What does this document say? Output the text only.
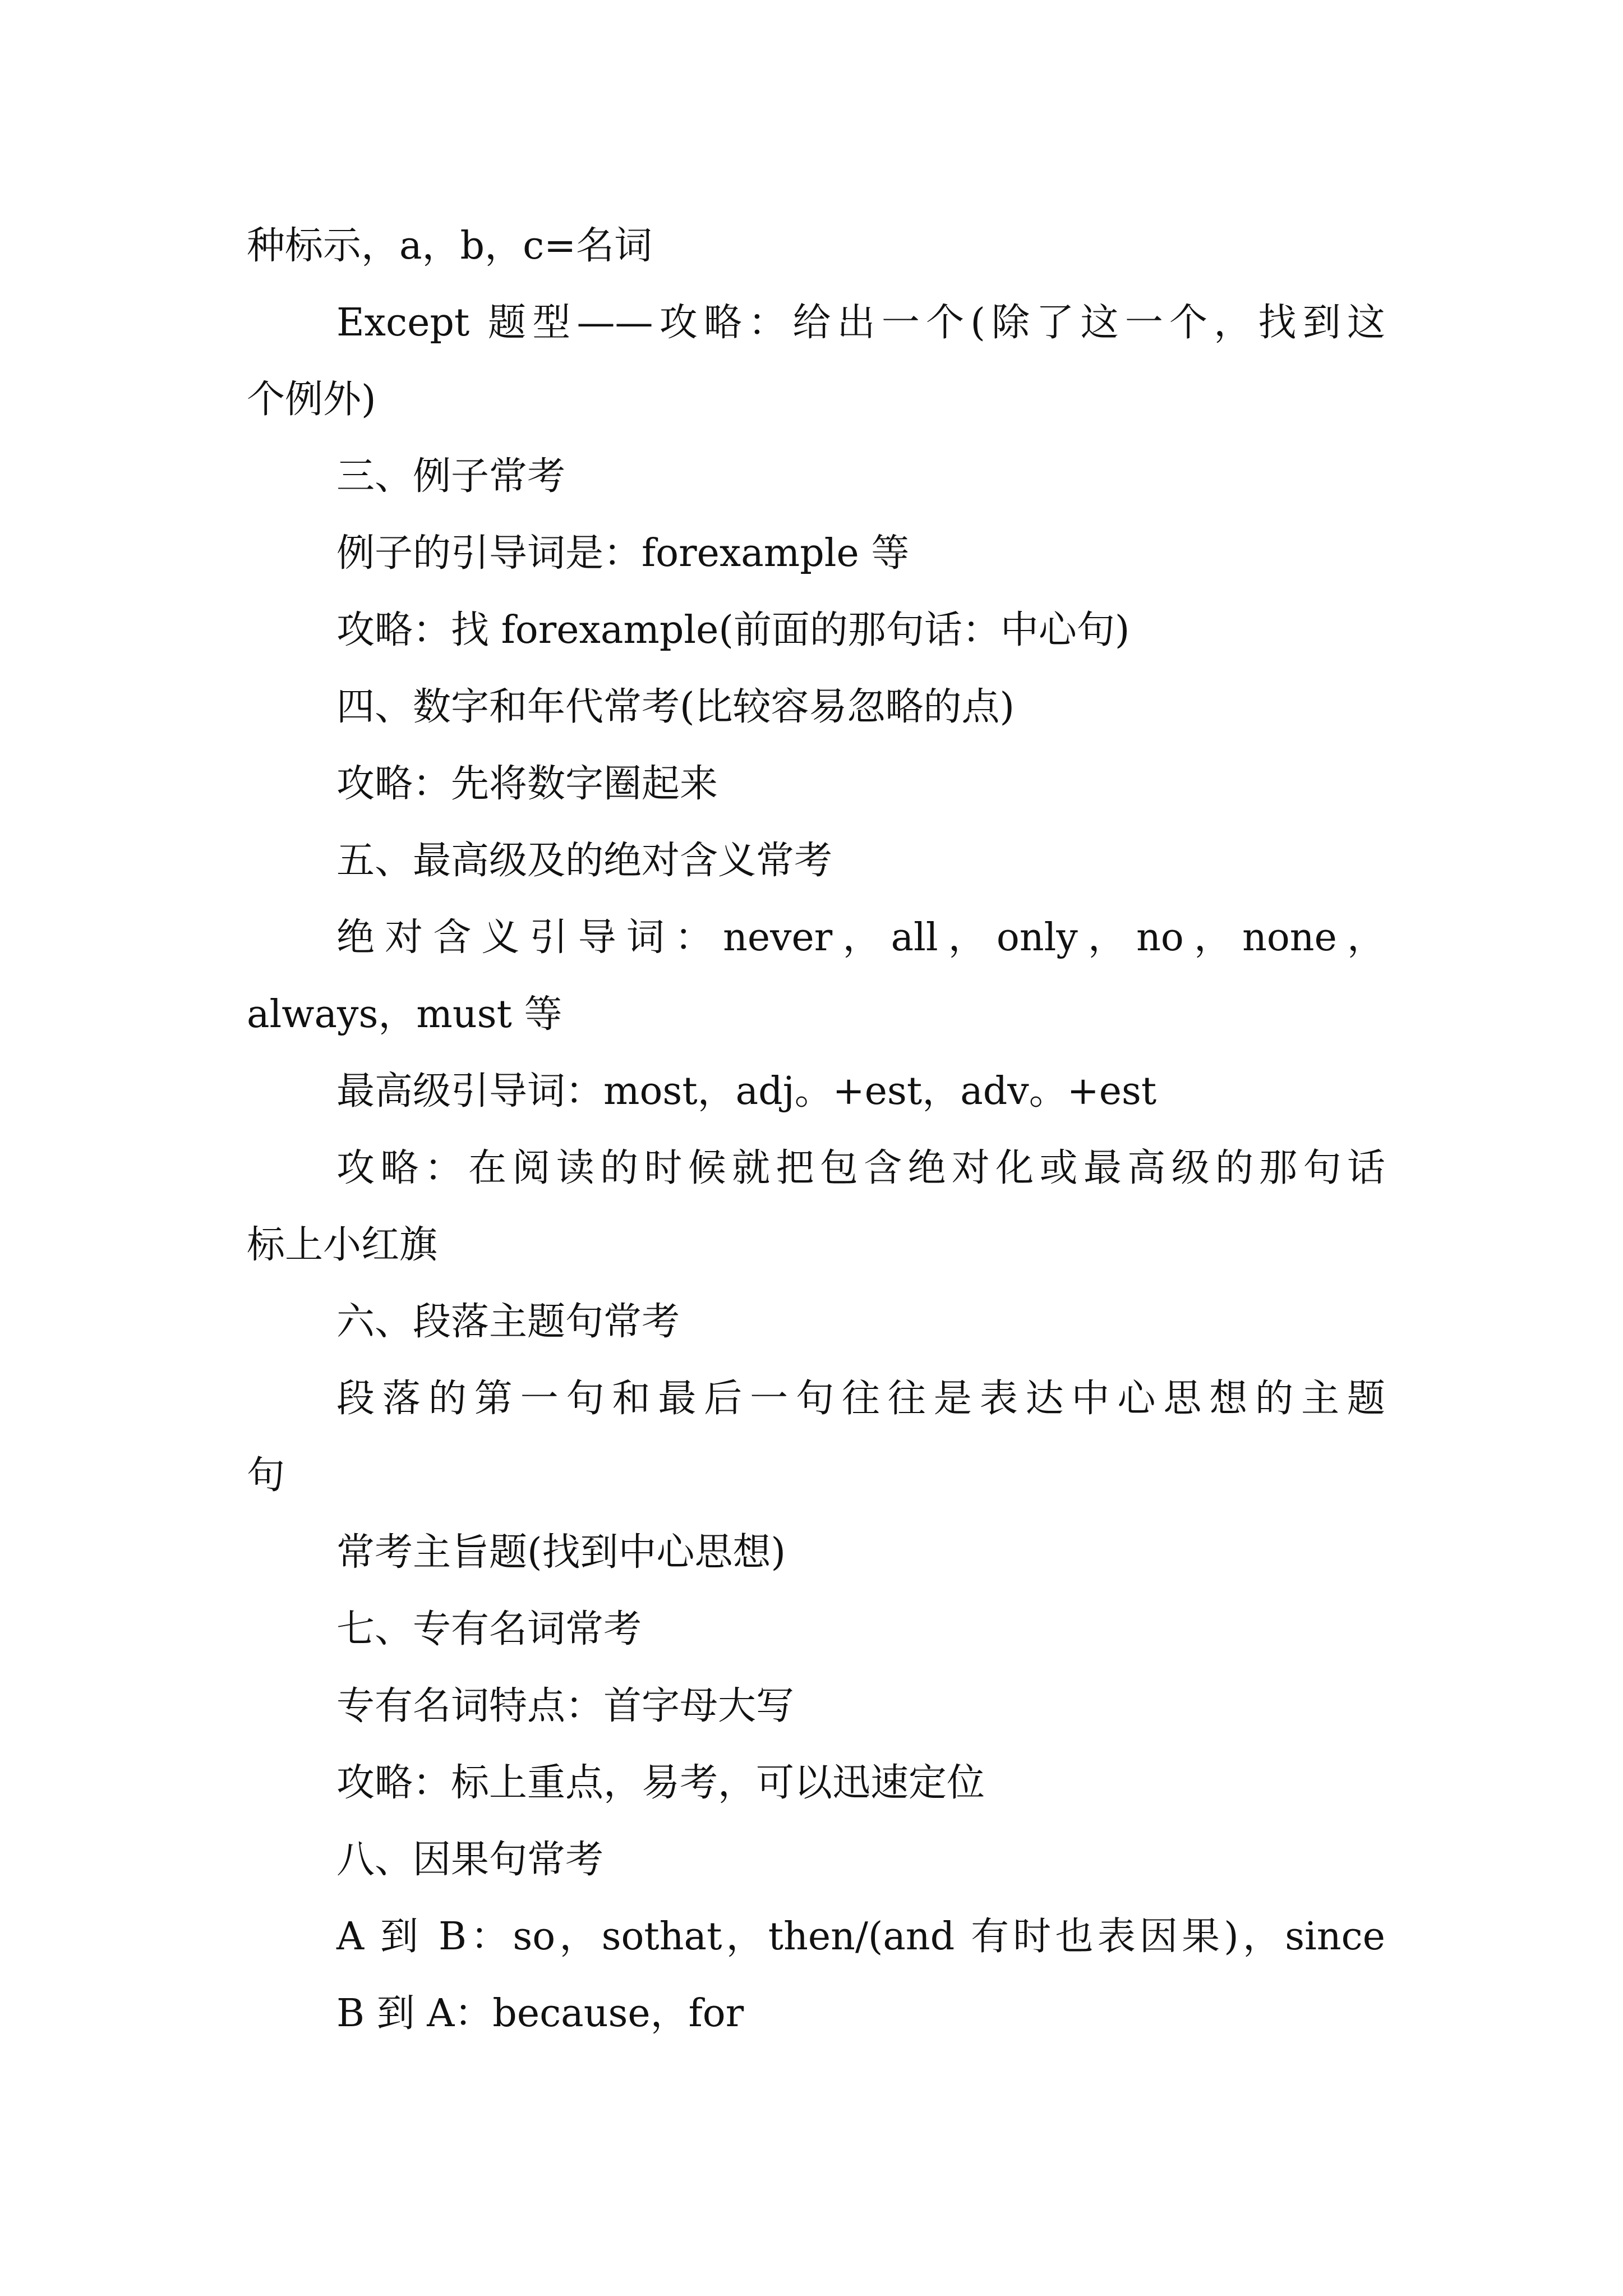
种标示，a，b，c=名词
Except 题型——攻略：给出一个(除了这一个，找到这
个例外)
三、例子常考
例子的引导词是：forexample 等
攻略：找 forexample(前面的那句话：中心句)
四、数字和年代常考(比较容易忽略的点)
攻略：先将数字圈起来
五、最高级及的绝对含义常考
绝对含义引导词：never，all，only，no，none，
always，must 等
最高级引导词：most，adj。+est，adv。+est
攻略：在阅读的时候就把包含绝对化或最高级的那句话
标上小红旗
六、段落主题句常考
段落的第一句和最后一句往往是表达中心思想的主题
句
常考主旨题(找到中心思想)
七、专有名词常考
专有名词特点：首字母大写
攻略：标上重点，易考，可以迅速定位
八、因果句常考
A 到 B：so，sothat，then/(and 有时也表因果)，since
B 到 A：because，for
